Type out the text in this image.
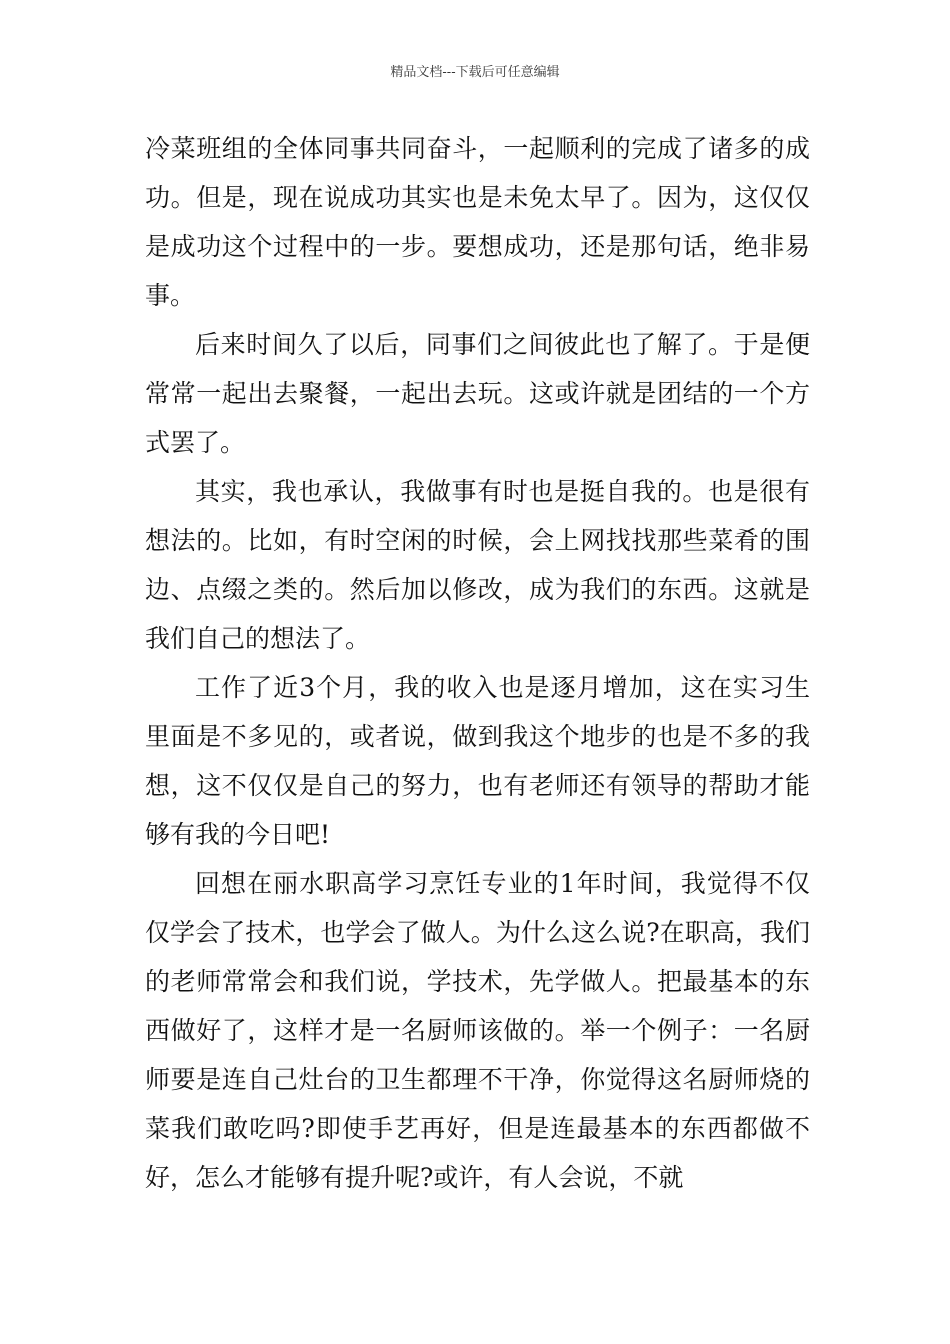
精品文档---下载后可任意编辑

冷菜班组的全体同事共同奋斗，一起顺利的完成了诸多的成功。但是，现在说成功其实也是未免太早了。因为，这仅仅是成功这个过程中的一步。要想成功，还是那句话，绝非易事。

后来时间久了以后，同事们之间彼此也了解了。于是便常常一起出去聚餐，一起出去玩。这或许就是团结的一个方式罢了。

其实，我也承认，我做事有时也是挺自我的。也是很有想法的。比如，有时空闲的时候，会上网找找那些菜肴的围边、点缀之类的。然后加以修改，成为我们的东西。这就是我们自己的想法了。

工作了近3个月，我的收入也是逐月增加，这在实习生里面是不多见的，或者说，做到我这个地步的也是不多的我想，这不仅仅是自己的努力，也有老师还有领导的帮助才能够有我的今日吧!

回想在丽水职高学习烹饪专业的1年时间，我觉得不仅仅学会了技术，也学会了做人。为什么这么说?在职高，我们的老师常常会和我们说，学技术，先学做人。把最基本的东西做好了，这样才是一名厨师该做的。举一个例子：一名厨师要是连自己灶台的卫生都理不干净，你觉得这名厨师烧的菜我们敢吃吗?即使手艺再好，但是连最基本的东西都做不好，怎么才能够有提升呢?或许，有人会说，不就
